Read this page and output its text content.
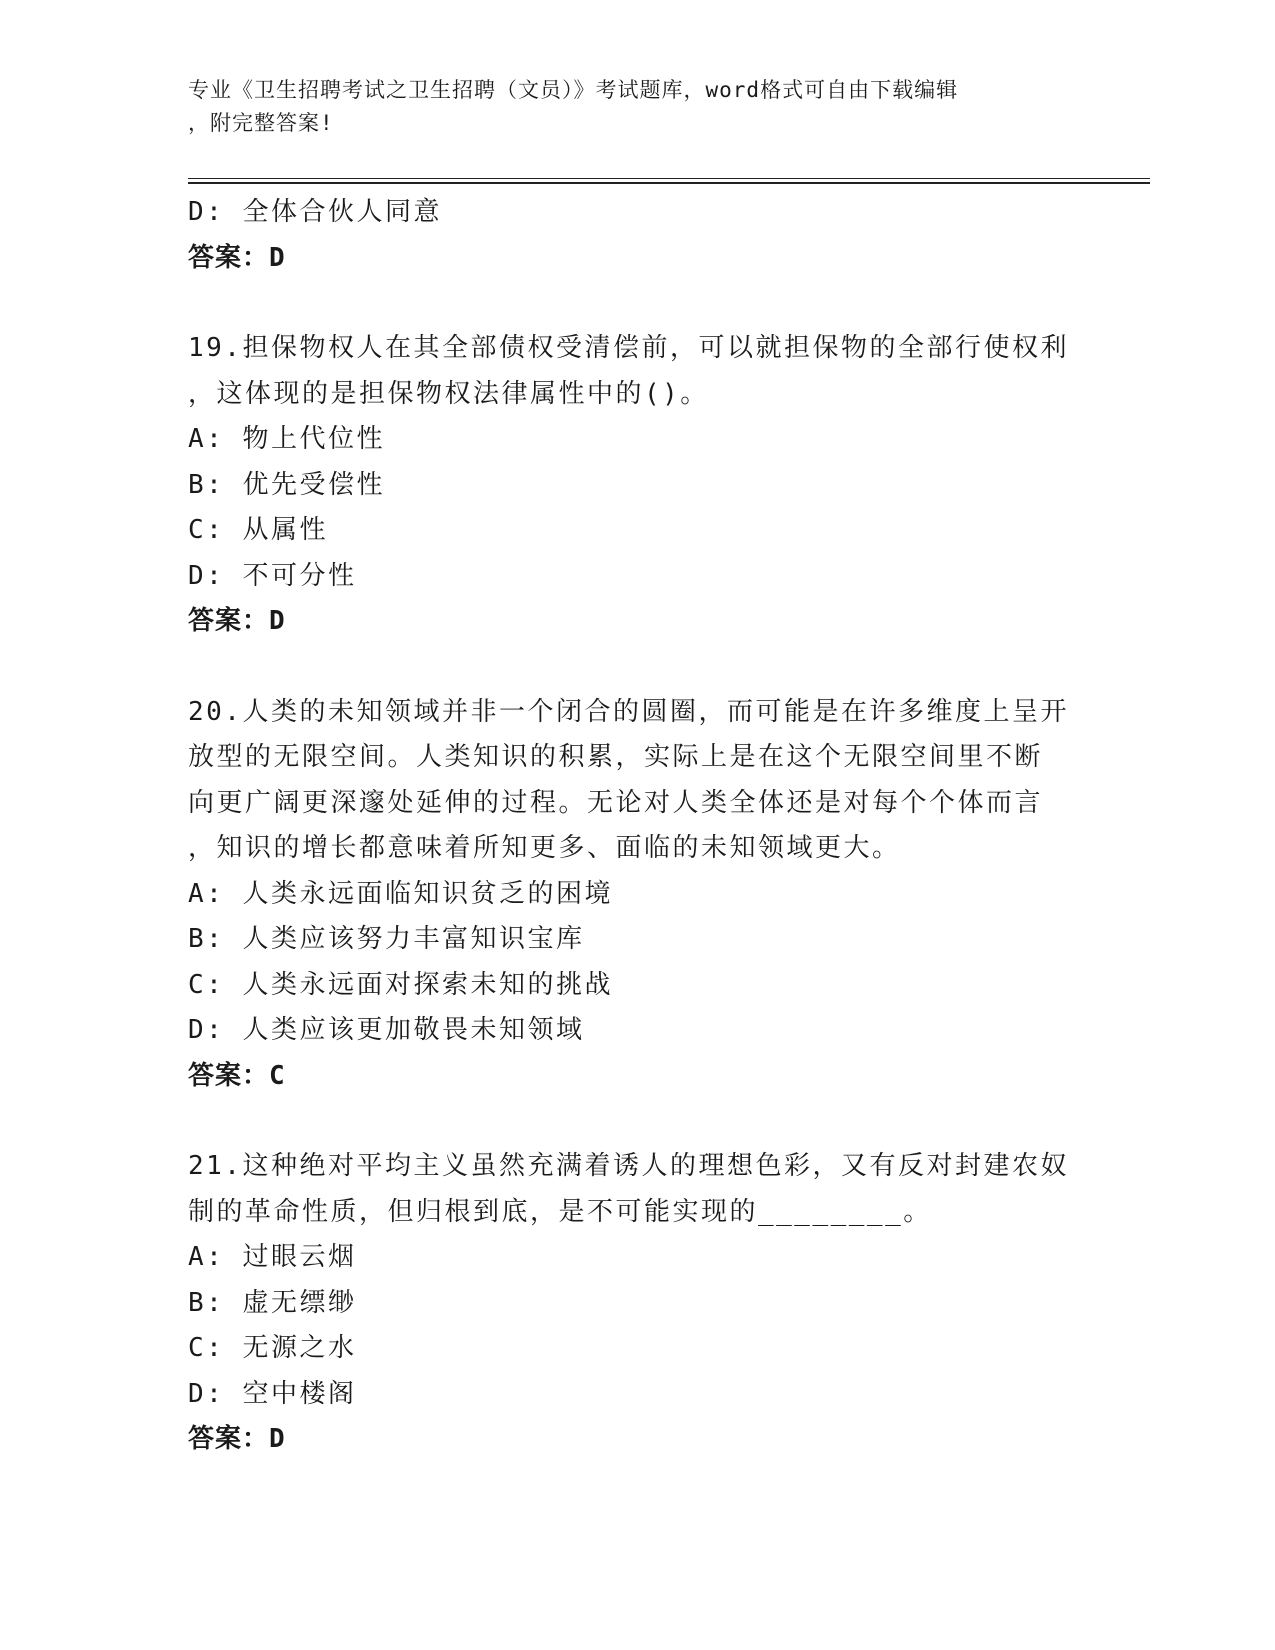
专业《卫生招聘考试之卫生招聘（文员）》考试题库，word格式可自由下载编辑
，附完整答案!
D: 全体合伙人同意
答案：D
19.担保物权人在其全部债权受清偿前，可以就担保物的全部行使权利
，这体现的是担保物权法律属性中的()。
A: 物上代位性
B: 优先受偿性
C: 从属性
D: 不可分性
答案：D
20.人类的未知领域并非一个闭合的圆圈，而可能是在许多维度上呈开
放型的无限空间。人类知识的积累，实际上是在这个无限空间里不断
向更广阔更深邃处延伸的过程。无论对人类全体还是对每个个体而言
，知识的增长都意味着所知更多、面临的未知领域更大。
A: 人类永远面临知识贫乏的困境
B: 人类应该努力丰富知识宝库
C: 人类永远面对探索未知的挑战
D: 人类应该更加敬畏未知领域
答案：C
21.这种绝对平均主义虽然充满着诱人的理想色彩，又有反对封建农奴
制的革命性质，但归根到底，是不可能实现的________。
A: 过眼云烟
B: 虚无缥缈
C: 无源之水
D: 空中楼阁
答案：D
